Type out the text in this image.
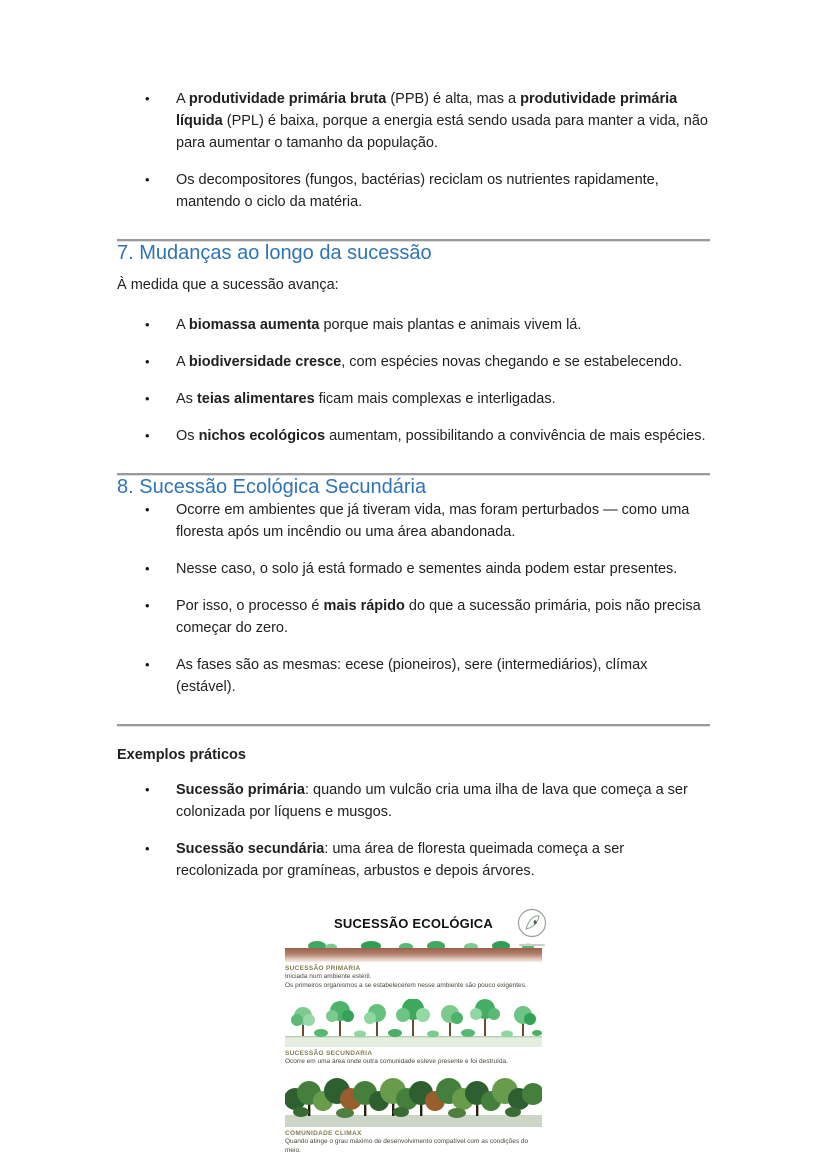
•	A produtividade primária bruta (PPB) é alta, mas a produtividade primária líquida (PPL) é baixa, porque a energia está sendo usada para manter a vida, não para aumentar o tamanho da população.
•	Os decompositores (fungos, bactérias) reciclam os nutrientes rapidamente, mantendo o ciclo da matéria.
7. Mudanças ao longo da sucessão

À medida que a sucessão avança:

•	A biomassa aumenta porque mais plantas e animais vivem lá.
•	A biodiversidade cresce, com espécies novas chegando e se estabelecendo.
•	As teias alimentares ficam mais complexas e interligadas.
•	Os nichos ecológicos aumentam, possibilitando a convivência de mais espécies.
8. Sucessão Ecológica Secundária
•	Ocorre em ambientes que já tiveram vida, mas foram perturbados — como uma floresta após um incêndio ou uma área abandonada.
•	Nesse caso, o solo já está formado e sementes ainda podem estar presentes.
•	Por isso, o processo é mais rápido do que a sucessão primária, pois não precisa começar do zero.
•	As fases são as mesmas: ecese (pioneiros), sere (intermediários), clímax (estável).

Exemplos práticos

•	Sucessão primária: quando um vulcão cria uma ilha de lava que começa a ser colonizada por líquens e musgos.
•	Sucessão secundária: uma área de floresta queimada começa a ser recolonizada por gramíneas, arbustos e depois árvores.
SUCESSÃO ECOLÓGICA
SUCESSÃO PRIMARIA
Iniciada num ambiente estéril.
Os primeiros organismos a se estabelecerem nesse ambiente são pouco exigentes.
SUCESSÃO SECUNDARIA
Ocorre em uma área onde outra comunidade esteve presente e foi destruída.
COMUNIDADE CLIMAX
Quando atinge o grau máximo de desenvolvimento compatível com as condições do meio.
